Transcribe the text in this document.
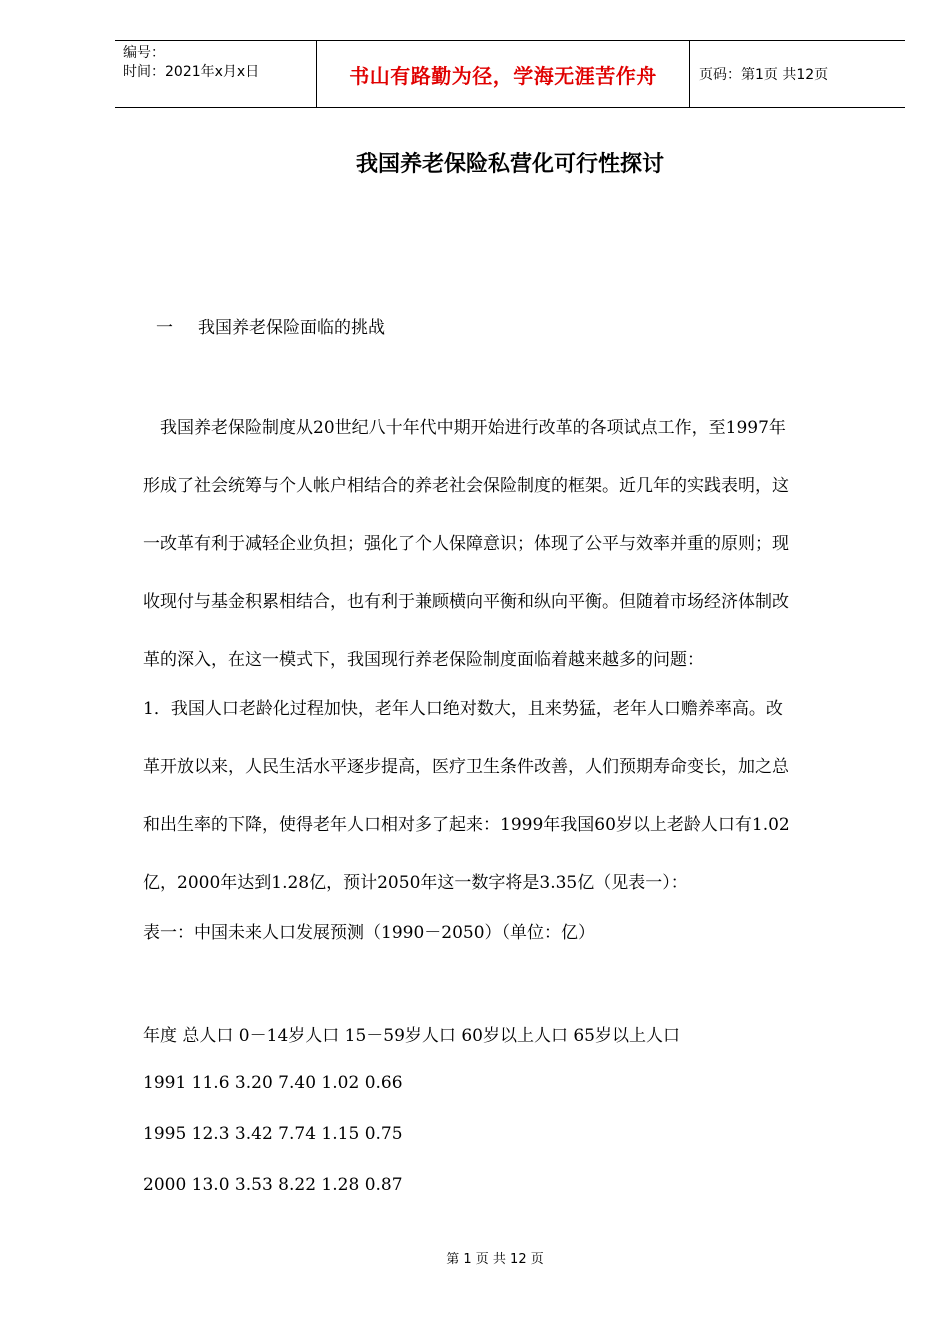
编号：
时间：2021年x月x日	书山有路勤为径，学海无涯苦作舟	页码：第1页 共12页
我国养老保险私营化可行性探讨
一 我国养老保险面临的挑战
　我国养老保险制度从20世纪八十年代中期开始进行改革的各项试点工作，至1997年
形成了社会统筹与个人帐户相结合的养老社会保险制度的框架。近几年的实践表明，这
一改革有利于减轻企业负担；强化了个人保障意识；体现了公平与效率并重的原则；现
收现付与基金积累相结合，也有利于兼顾横向平衡和纵向平衡。但随着市场经济体制改
革的深入，在这一模式下，我国现行养老保险制度面临着越来越多的问题：
1．我国人口老龄化过程加快，老年人口绝对数大，且来势猛，老年人口赡养率高。改
革开放以来，人民生活水平逐步提高，医疗卫生条件改善，人们预期寿命变长，加之总
和出生率的下降，使得老年人口相对多了起来：1999年我国60岁以上老龄人口有1.02
亿，2000年达到1.28亿，预计2050年这一数字将是3.35亿（见表一）：
表一：中国未来人口发展预测（1990－2050）（单位：亿）
年度 总人口 0－14岁人口 15－59岁人口 60岁以上人口 65岁以上人口
1991 11.6 3.20 7.40 1.02 0.66
1995 12.3 3.42 7.74 1.15 0.75
2000 13.0 3.53 8.22 1.28 0.87
第 1 页 共 12 页
